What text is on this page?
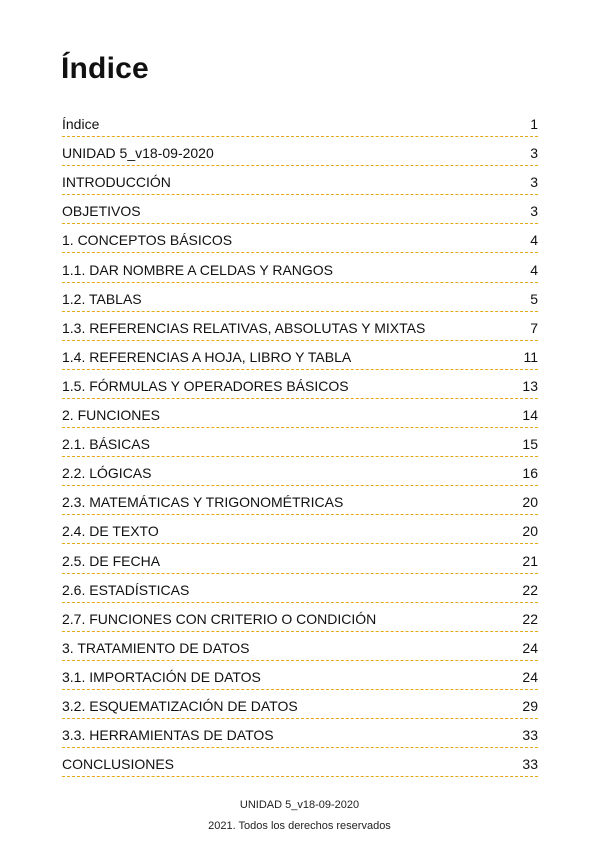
Índice
Índice	1
UNIDAD 5_v18-09-2020	3
INTRODUCCIÓN	3
OBJETIVOS	3
1. CONCEPTOS BÁSICOS	4
1.1. DAR NOMBRE A CELDAS Y RANGOS	4
1.2. TABLAS	5
1.3. REFERENCIAS RELATIVAS, ABSOLUTAS Y MIXTAS	7
1.4. REFERENCIAS A HOJA, LIBRO Y TABLA	11
1.5. FÓRMULAS Y OPERADORES BÁSICOS	13
2. FUNCIONES	14
2.1. BÁSICAS	15
2.2. LÓGICAS	16
2.3. MATEMÁTICAS Y TRIGONOMÉTRICAS	20
2.4. DE TEXTO	20
2.5. DE FECHA	21
2.6. ESTADÍSTICAS	22
2.7. FUNCIONES CON CRITERIO O CONDICIÓN	22
3. TRATAMIENTO DE DATOS	24
3.1. IMPORTACIÓN DE DATOS	24
3.2. ESQUEMATIZACIÓN DE DATOS	29
3.3. HERRAMIENTAS DE DATOS	33
CONCLUSIONES	33
UNIDAD 5_v18-09-2020
2021. Todos los derechos reservados
